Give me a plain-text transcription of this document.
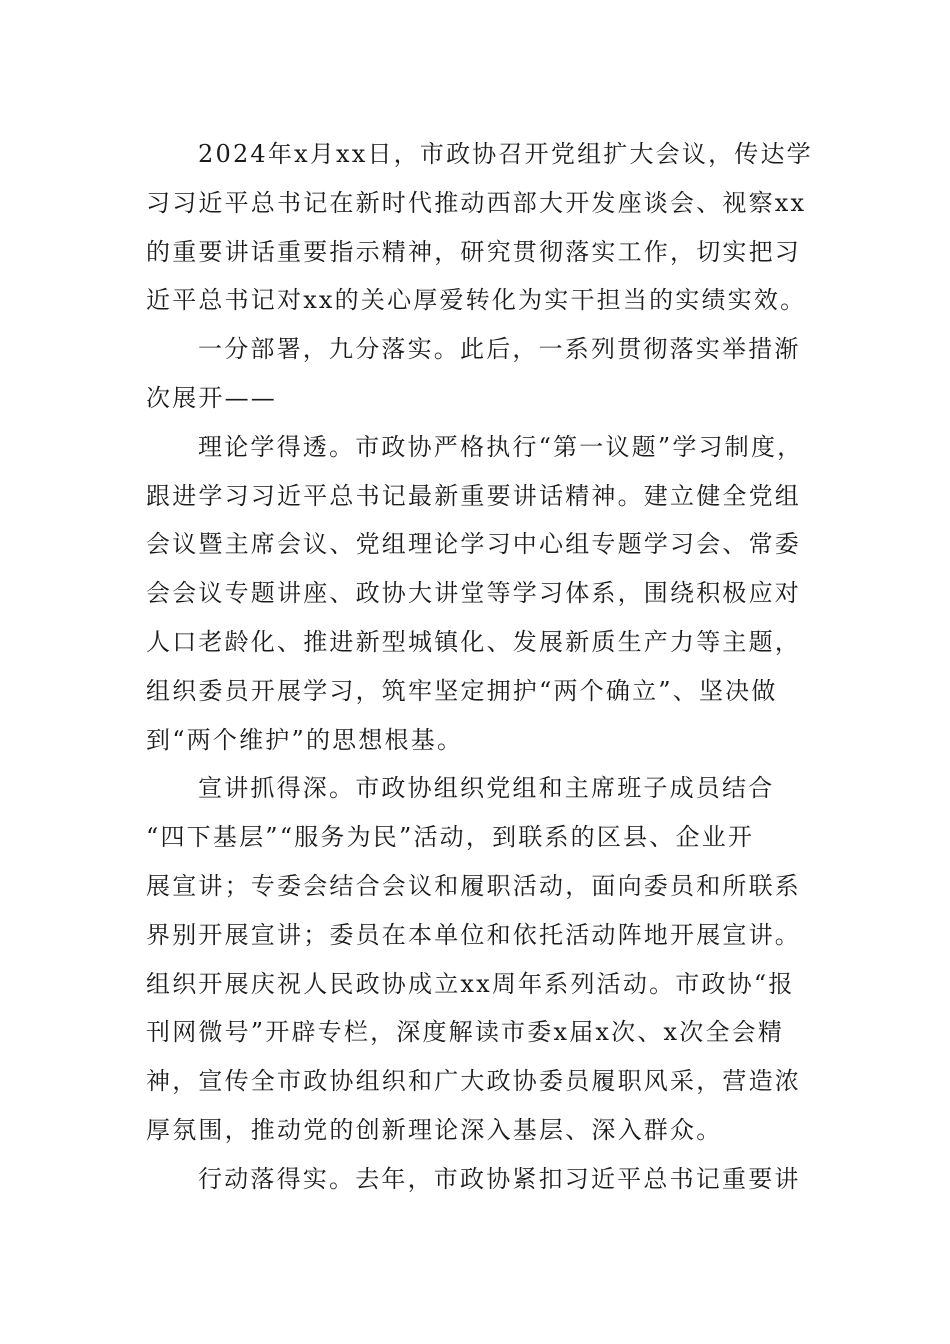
2024年x月xx日，市政协召开党组扩大会议，传达学
习习近平总书记在新时代推动西部大开发座谈会、视察xx
的重要讲话重要指示精神，研究贯彻落实工作，切实把习
近平总书记对xx的关心厚爱转化为实干担当的实绩实效。
一分部署，九分落实。此后，一系列贯彻落实举措渐
次展开——
理论学得透。市政协严格执行“第一议题”学习制度，
跟进学习习近平总书记最新重要讲话精神。建立健全党组
会议暨主席会议、党组理论学习中心组专题学习会、常委
会会议专题讲座、政协大讲堂等学习体系，围绕积极应对
人口老龄化、推进新型城镇化、发展新质生产力等主题，
组织委员开展学习，筑牢坚定拥护“两个确立”、坚决做
到“两个维护”的思想根基。
宣讲抓得深。市政协组织党组和主席班子成员结合
“四下基层”“服务为民”活动，到联系的区县、企业开
展宣讲；专委会结合会议和履职活动，面向委员和所联系
界别开展宣讲；委员在本单位和依托活动阵地开展宣讲。
组织开展庆祝人民政协成立xx周年系列活动。市政协“报
刊网微号”开辟专栏，深度解读市委x届x次、x次全会精
神，宣传全市政协组织和广大政协委员履职风采，营造浓
厚氛围，推动党的创新理论深入基层、深入群众。
行动落得实。去年，市政协紧扣习近平总书记重要讲
